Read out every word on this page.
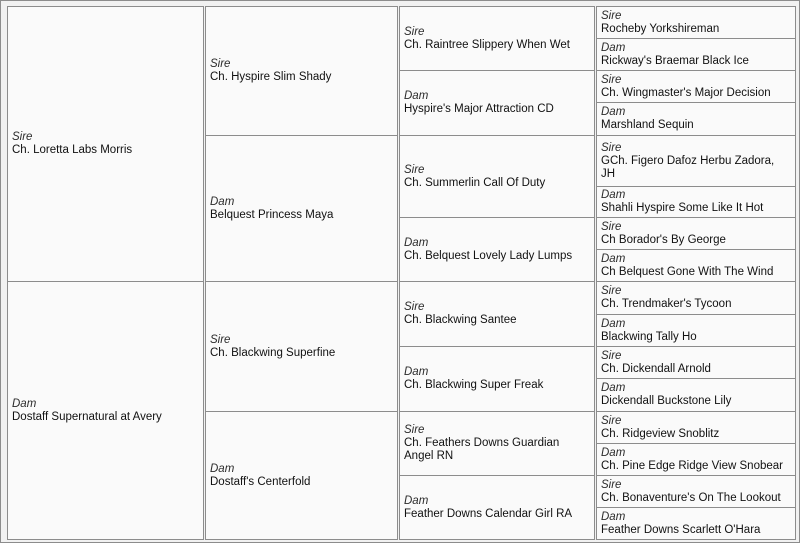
Sire
Ch. Loretta Labs Morris
Dam
Dostaff Supernatural at Avery
Sire
Ch. Hyspire Slim Shady
Dam
Belquest Princess Maya
Sire
Ch. Blackwing Superfine
Dam
Dostaff's Centerfold
Sire
Ch. Raintree Slippery When Wet
Dam
Hyspire's Major Attraction CD
Sire
Ch. Summerlin Call Of Duty
Dam
Ch. Belquest Lovely Lady Lumps
Sire
Ch. Blackwing Santee
Dam
Ch. Blackwing Super Freak
Sire
Ch. Feathers Downs Guardian Angel RN
Dam
Feather Downs Calendar Girl RA
Sire
Rocheby Yorkshireman
Dam
Rickway's Braemar Black Ice
Sire
Ch. Wingmaster's Major Decision
Dam
Marshland Sequin
Sire
GCh. Figero Dafoz Herbu Zadora, JH
Dam
Shahli Hyspire Some Like It Hot
Sire
Ch Borador's By George
Dam
Ch Belquest Gone With The Wind
Sire
Ch. Trendmaker's Tycoon
Dam
Blackwing Tally Ho
Sire
Ch. Dickendall Arnold
Dam
Dickendall Buckstone Lily
Sire
Ch. Ridgeview Snoblitz
Dam
Ch. Pine Edge Ridge View Snobear
Sire
Ch. Bonaventure's On The Lookout
Dam
Feather Downs Scarlett O'Hara
